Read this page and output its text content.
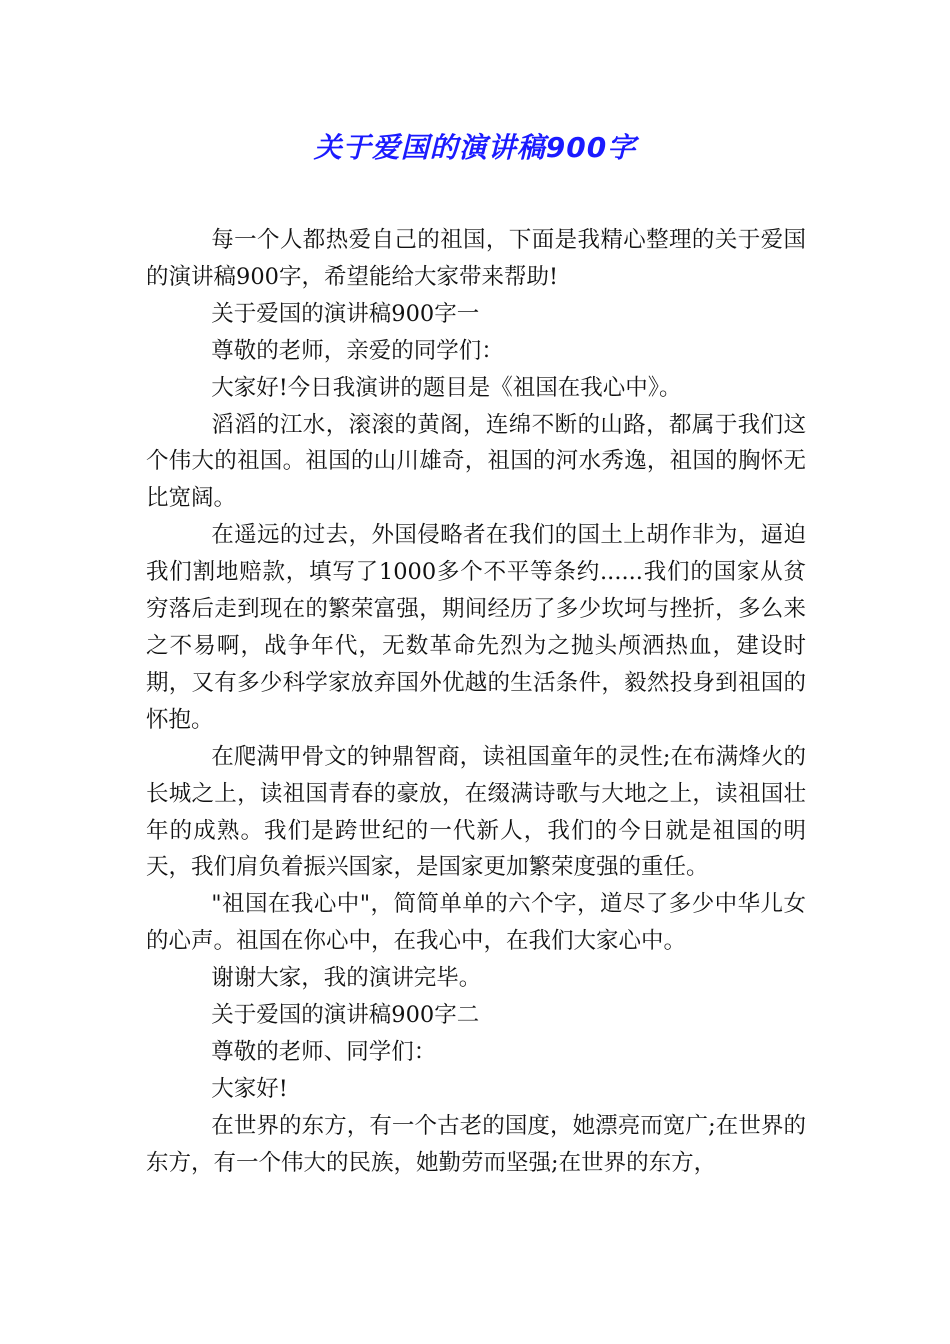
关于爱国的演讲稿900字

每一个人都热爱自己的祖国，下面是我精心整理的关于爱国的演讲稿900字，希望能给大家带来帮助!

关于爱国的演讲稿900字一

尊敬的老师，亲爱的同学们：

大家好!今日我演讲的题目是《祖国在我心中》。

滔滔的江水，滚滚的黄阁，连绵不断的山路，都属于我们这个伟大的祖国。祖国的山川雄奇，祖国的河水秀逸，祖国的胸怀无比宽阔。

在遥远的过去，外国侵略者在我们的国土上胡作非为，逼迫我们割地赔款，填写了1000多个不平等条约......我们的国家从贫穷落后走到现在的繁荣富强，期间经历了多少坎坷与挫折，多么来之不易啊，战争年代，无数革命先烈为之抛头颅洒热血，建设时期，又有多少科学家放弃国外优越的生活条件，毅然投身到祖国的怀抱。

在爬满甲骨文的钟鼎智商，读祖国童年的灵性;在布满烽火的长城之上，读祖国青春的豪放，在缀满诗歌与大地之上，读祖国壮年的成熟。我们是跨世纪的一代新人，我们的今日就是祖国的明天，我们肩负着振兴国家，是国家更加繁荣度强的重任。

"祖国在我心中"，简简单单的六个字，道尽了多少中华儿女的心声。祖国在你心中，在我心中，在我们大家心中。

谢谢大家，我的演讲完毕。

关于爱国的演讲稿900字二

尊敬的老师、同学们：

大家好!

在世界的东方，有一个古老的国度，她漂亮而宽广;在世界的东方，有一个伟大的民族，她勤劳而坚强;在世界的东方，
